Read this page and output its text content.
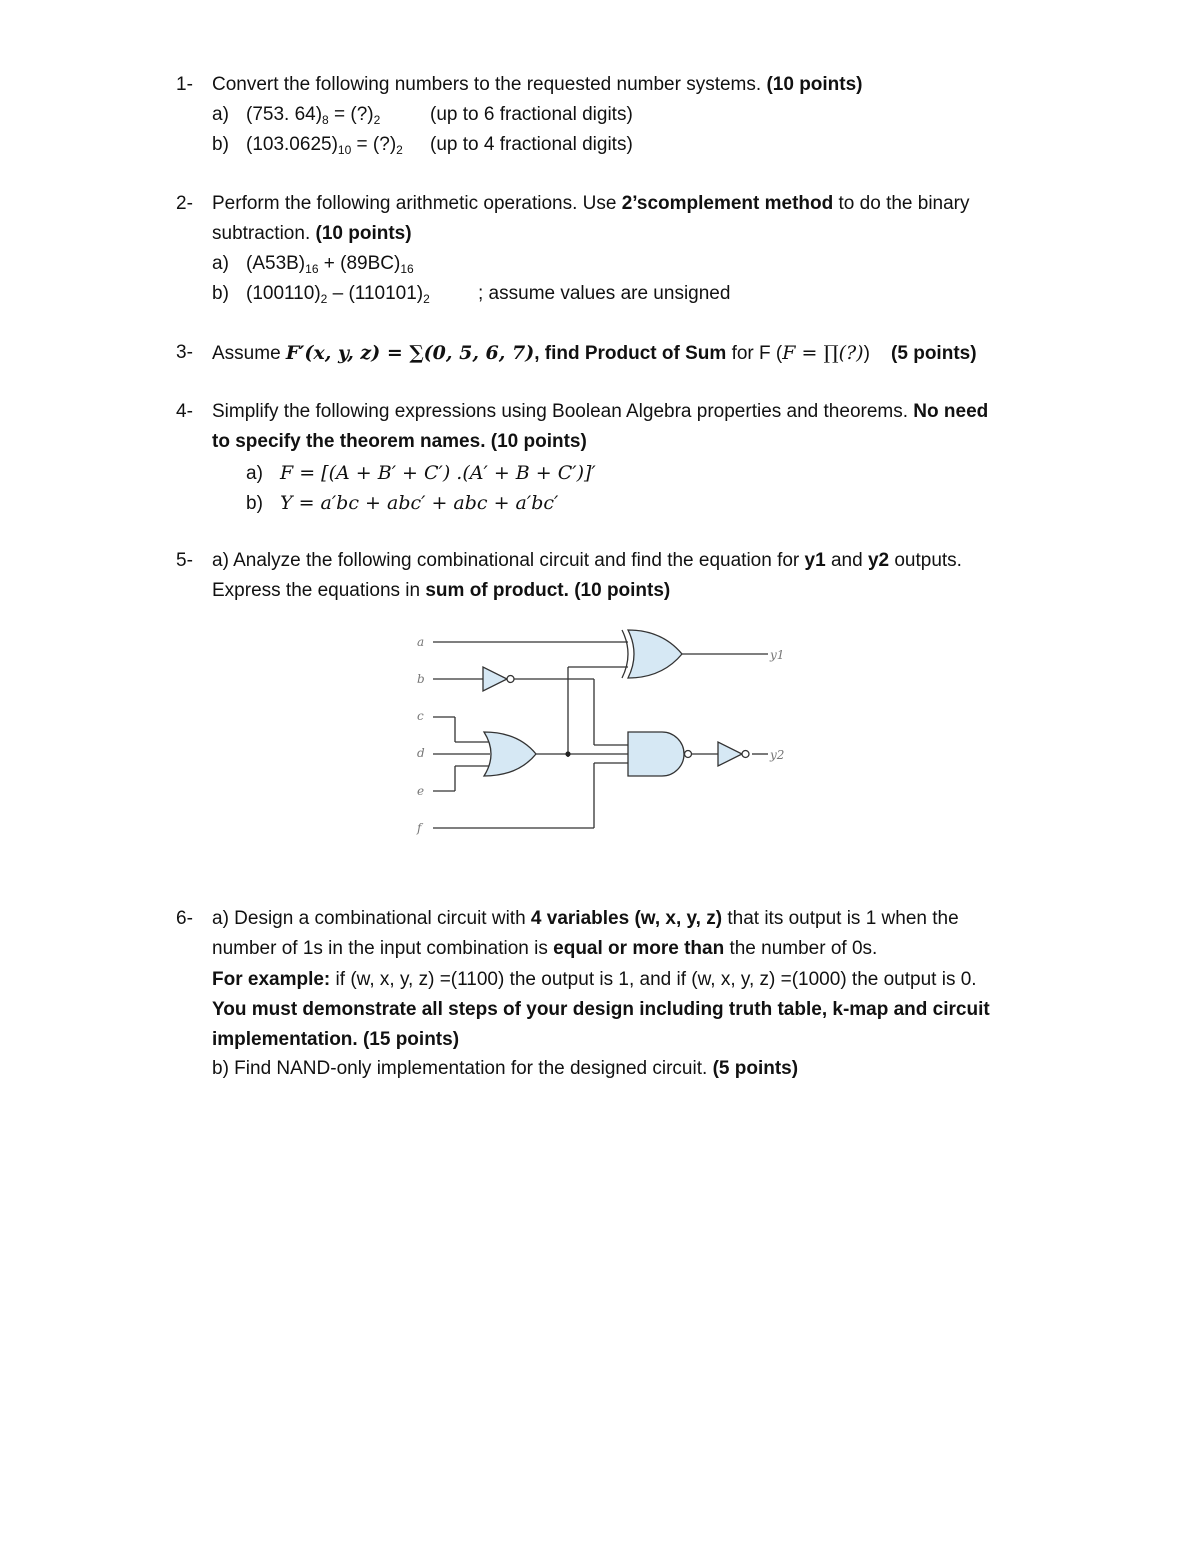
1- Convert the following numbers to the requested number systems. (10 points)
a) (753. $64)_8$ = $(?)_2$	(up to 6 fractional digits)
b) $(103.0625)_{10}$ = $(?)_2$ (up to 4 fractional digits)
2- Perform the following arithmetic operations. Use 2’scomplement method to do the binary
subtraction. (10 points)
a) $(A53B)_{16} + (89BC)_{16}$
b) $(100110)_2 - (110101)_2$	; assume values are unsigned
3- Assume F′(x, y, z) = ∑(0, 5, 6, 7), find Product of Sum for F (F = ∏(?)) (5 points)
4- Simplify the following expressions using Boolean Algebra properties and theorems. No need
to specify the theorem names. (10 points)
a) F = [(A + B′ + C′) .(A′ + B + C′)]′
b) Y = a′bc + abc′ + abc + a′bc′
5- a) Analyze the following combinational circuit and find the equation for y1 and y2 outputs.
Express the equations in sum of product. (10 points)
a
b
c
d
e
f
y1
y2
6- a) Design a combinational circuit with 4 variables (w, x, y, z) that its output is 1 when the
number of 1s in the input combination is equal or more than the number of 0s.
For example: if (w, x, y, z) =(1100) the output is 1, and if (w, x, y, z) =(1000) the output is 0.
You must demonstrate all steps of your design including truth table, k-map and circuit
implementation. (15 points)
b) Find NAND-only implementation for the designed circuit. (5 points)
